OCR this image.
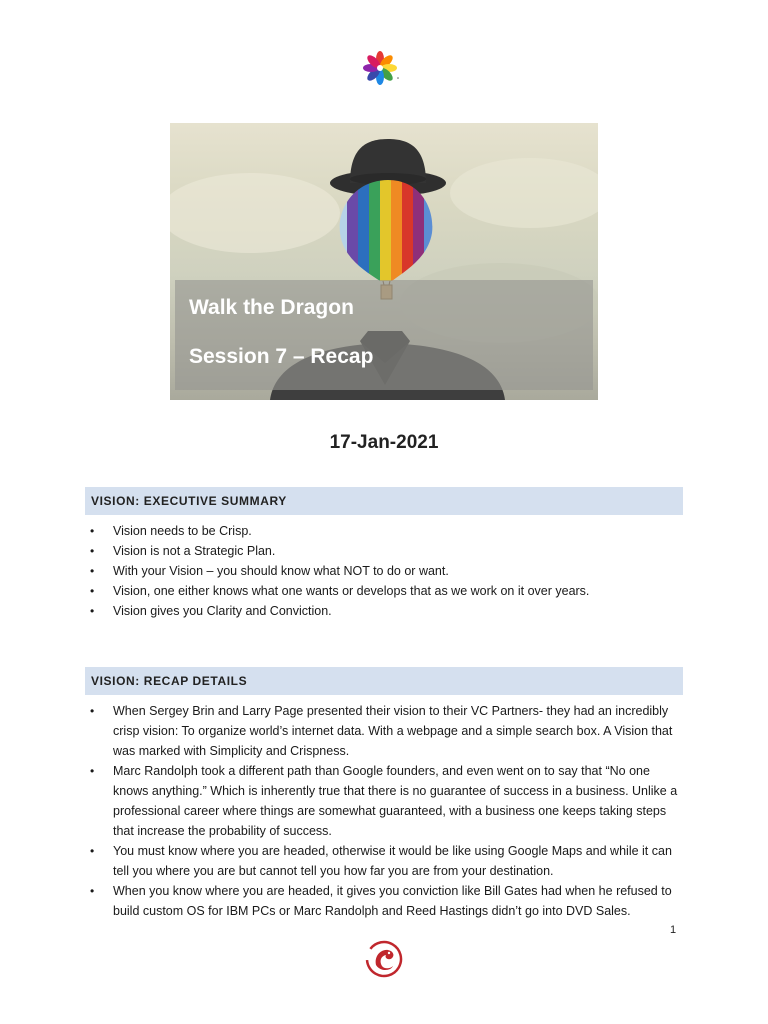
Walk the Dragon
Session 7 – Recap
17-Jan-2021
VISION: EXECUTIVE SUMMARY
• Vision needs to be Crisp.
• Vision is not a Strategic Plan.
• With your Vision – you should know what NOT to do or want.
• Vision, one either knows what one wants or develops that as we work on it over years.
• Vision gives you Clarity and Conviction.
VISION: RECAP DETAILS
• When Sergey Brin and Larry Page presented their vision to their VC Partners- they had an incredibly crisp vision: To organize world’s internet data. With a webpage and a simple search box. A Vision that was marked with Simplicity and Crispness.
• Marc Randolph took a different path than Google founders, and even went on to say that “No one knows anything.” Which is inherently true that there is no guarantee of success in a business. Unlike a professional career where things are somewhat guaranteed, with a business one keeps taking steps that increase the probability of success.
• You must know where you are headed, otherwise it would be like using Google Maps and while it can tell you where you are but cannot tell you how far you are from your destination.
• When you know where you are headed, it gives you conviction like Bill Gates had when he refused to build custom OS for IBM PCs or Marc Randolph and Reed Hastings didn’t go into DVD Sales.
1
